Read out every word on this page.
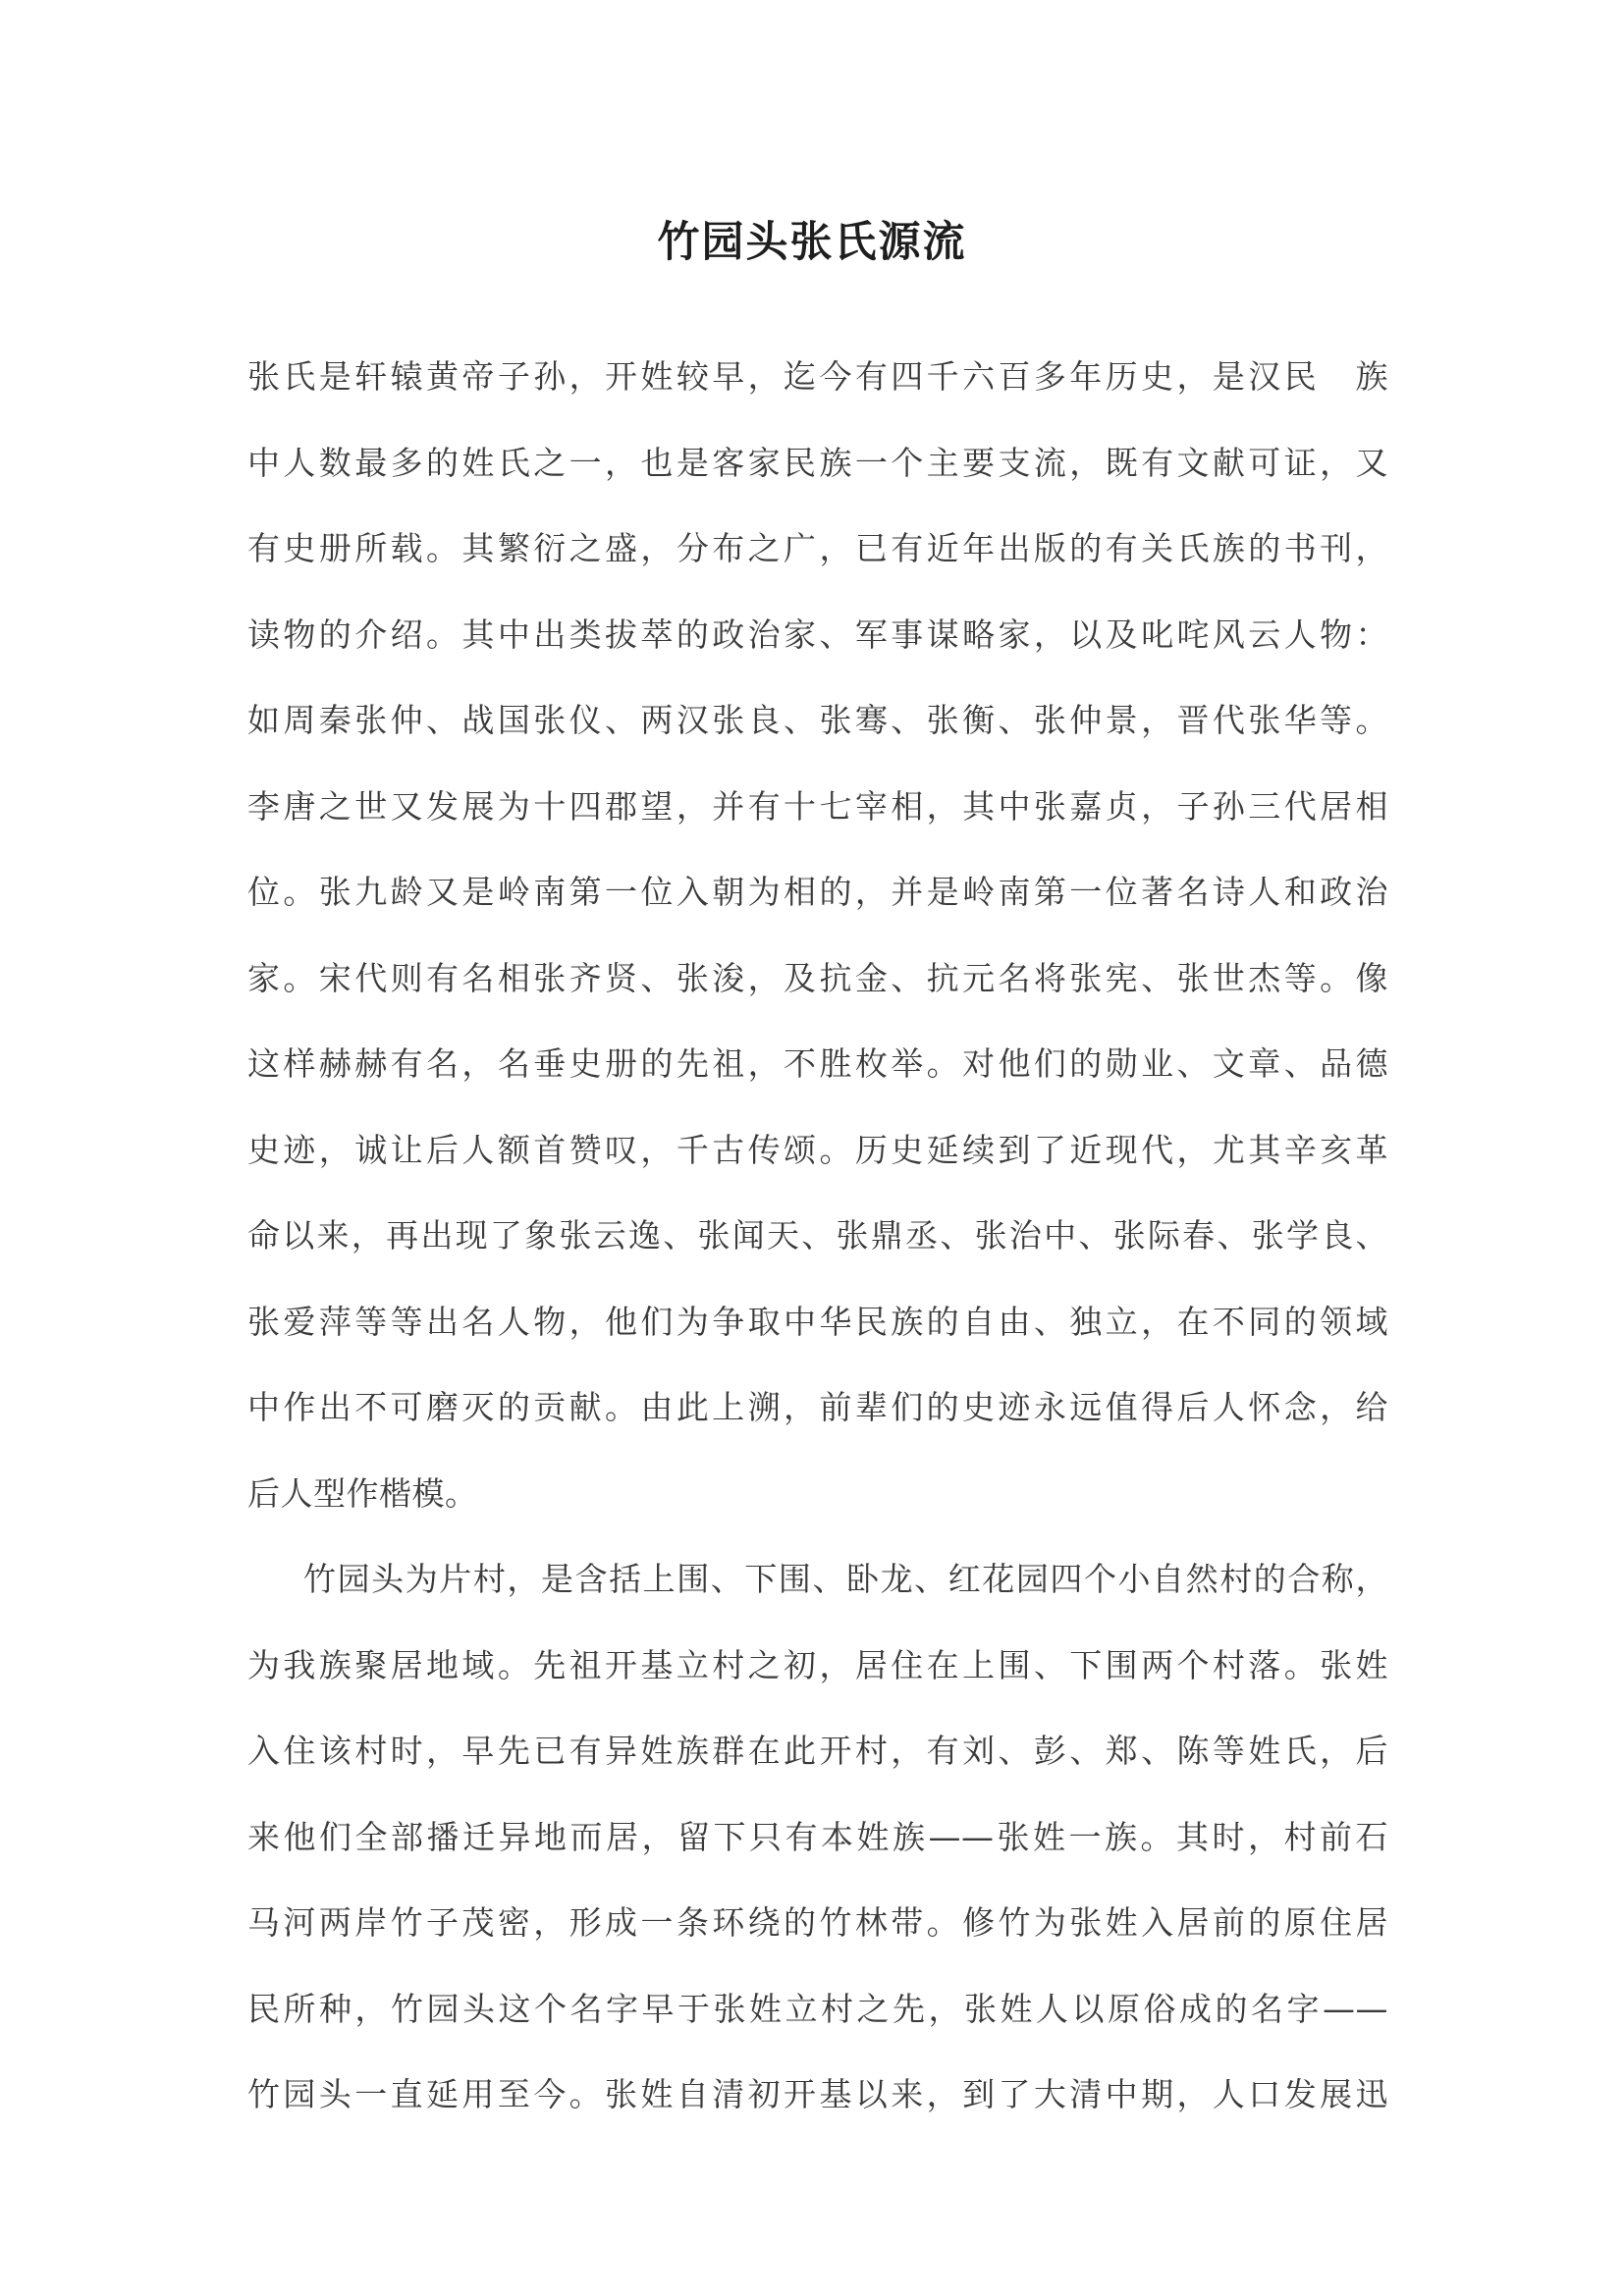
竹园头张氏源流
张氏是轩辕黄帝子孙，开姓较早，迄今有四千六百多年历史，是汉民　族
中人数最多的姓氏之一，也是客家民族一个主要支流，既有文献可证，又
有史册所载。其繁衍之盛，分布之广，已有近年出版的有关氏族的书刊，
读物的介绍。其中出类拔萃的政治家、军事谋略家，以及叱咤风云人物：
如周秦张仲、战国张仪、两汉张良、张骞、张衡、张仲景，晋代张华等。
李唐之世又发展为十四郡望，并有十七宰相，其中张嘉贞，子孙三代居相
位。张九龄又是岭南第一位入朝为相的，并是岭南第一位著名诗人和政治
家。宋代则有名相张齐贤、张浚，及抗金、抗元名将张宪、张世杰等。像
这样赫赫有名，名垂史册的先祖，不胜枚举。对他们的勋业、文章、品德
史迹，诚让后人额首赞叹，千古传颂。历史延续到了近现代，尤其辛亥革
命以来，再出现了象张云逸、张闻天、张鼎丞、张治中、张际春、张学良、
张爱萍等等出名人物，他们为争取中华民族的自由、独立，在不同的领域
中作出不可磨灭的贡献。由此上溯，前辈们的史迹永远值得后人怀念，给
后人型作楷模。
竹园头为片村，是含括上围、下围、卧龙、红花园四个小自然村的合称，
为我族聚居地域。先祖开基立村之初，居住在上围、下围两个村落。张姓
入住该村时，早先已有异姓族群在此开村，有刘、彭、郑、陈等姓氏，后
来他们全部播迁异地而居，留下只有本姓族——张姓一族。其时，村前石
马河两岸竹子茂密，形成一条环绕的竹林带。修竹为张姓入居前的原住居
民所种，竹园头这个名字早于张姓立村之先，张姓人以原俗成的名字——
竹园头一直延用至今。张姓自清初开基以来，到了大清中期，人口发展迅
